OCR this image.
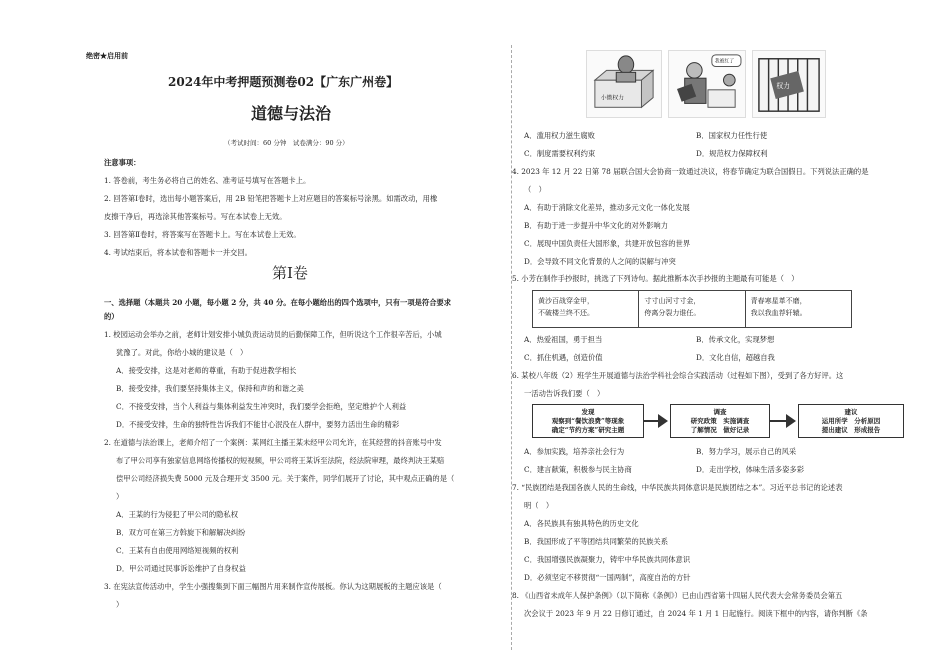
绝密★启用前
2024年中考押题预测卷02【广东广州卷】
道德与法治
（考试时间：60 分钟　试卷满分：90 分）
注意事项：
1. 答卷前，考生务必将自己的姓名、准考证号填写在答题卡上。
2. 回答第Ⅰ卷时，选出每小题答案后，用 2B 铅笔把答题卡上对应题目的答案标号涂黑。如需改动，用橡
皮擦干净后，再选涂其他答案标号。写在本试卷上无效。
3. 回答第Ⅱ卷时，将答案写在答题卡上。写在本试卷上无效。
4. 考试结束后，将本试卷和答题卡一并交回。
第Ⅰ卷
一、选择题（本题共 20 小题，每小题 2 分，共 40 分。在每小题给出的四个选项中，只有一项是符合要求
的）
1. 校园运动会举办之前，老师计划安排小城负责运动员的后勤保障工作，但听说这个工作很辛苦后，小城
犹豫了。对此，你给小城的建议是（　）
A．接受安排，这是对老师的尊重，有助于促进教学相长
B．接受安排，我们要坚持集体主义，保持和声的和谐之美
C．不接受安排，当个人利益与集体利益发生冲突时，我们要学会拒绝，坚定维护个人利益
D．不接受安排，生命的独特性告诉我们不能甘心泯没在人群中，要努力活出生命的精彩
2. 在道德与法治课上，老师介绍了一个案例：某网红主播王某未经甲公司允许，在其经营的抖音账号中发
布了甲公司享有独家信息网络传播权的短视频，甲公司将王某诉至法院，经法院审理，最终判决王某赔
偿甲公司经济损失费 5000 元及合理开支 3500 元。关于案件，同学们展开了讨论，其中观点正确的是（
）
A．王某的行为侵犯了甲公司的隐私权
B．双方可在第三方斡旋下和解解决纠纷
C．王某有自由使用网络短视频的权利
D．甲公司通过民事诉讼维护了自身权益
3. 在宪法宣传活动中，学生小强搜集到下面三幅图片用来制作宣传展板。你认为这期展板的主题应该是（
）
小微权力
我被红了
权力
A．滥用权力滋生腐败	B．国家权力任性行使
C．制度需要权利约束	D．规范权力保障权利
4. 2023 年 12 月 22 日第 78 届联合国大会协商一致通过决议，将春节确定为联合国假日。下列说法正确的是
（　）
A．有助于消除文化差异，推动多元文化一体化发展
B．有助于进一步提升中华文化的对外影响力
C．展现中国负责任大国形象，共建开放包容的世界
D．会导致不同文化背景的人之间的误解与冲突
5. 小芳在制作手抄报时，挑选了下列诗句。据此推断本次手抄报的主题最有可能是（　）
黄沙百战穿金甲，
不破楼兰终不还。
寸寸山河寸寸金，
侉离分裂力谁任。
青春寒星革不磨，
我以我血荐轩辕。
A．热爱祖国，勇于担当	B．传承文化，实现梦想
C．抓住机遇，创造价值	D．文化自信，超越自我
6. 某校八年级（2）班学生开展道德与法治学科社会综合实践活动（过程如下图），受到了各方好评。这
一活动告诉我们要（　）
发现
观察到“餐饮浪费”等现象
确定“节约方案”研究主题
调查
研究政策　实施调查
了解情况　做好记录
建议
运用所学　分析原因
提出建议　形成报告
A．参加实践，培养亲社会行为	B．努力学习，展示自己的风采
C．建言献策，积极参与民主协商	D．走出学校，体味生活多姿多彩
7. “民族团结是我国各族人民的生命线，中华民族共同体意识是民族团结之本”。习近平总书记的论述表
明（　）
A．各民族具有独具特色的历史文化
B．我国形成了平等团结共同繁荣的民族关系
C．我国增强民族凝聚力，铸牢中华民族共同体意识
D．必须坚定不移贯彻“一国两制”，高度自治的方针
8. 《山西省未成年人保护条例》（以下简称《条例》）已由山西省第十四届人民代表大会常务委员会第五
次会议于 2023 年 9 月 22 日修订通过，自 2024 年 1 月 1 日起施行。阅读下框中的内容，请你判断《条
